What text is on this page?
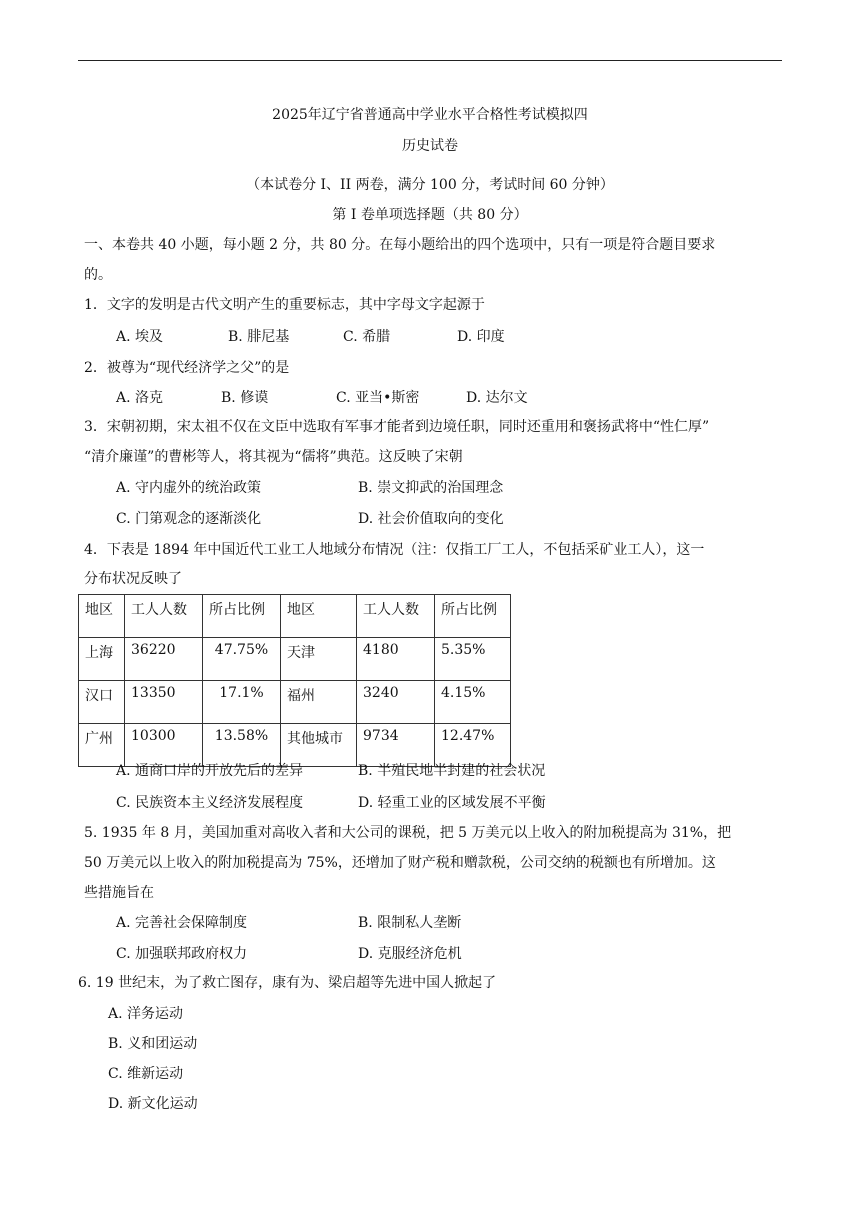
2025年辽宁省普通高中学业水平合格性考试模拟四
历史试卷
（本试卷分 I、II 两卷，满分 100 分，考试时间 60 分钟）
第 I 卷单项选择题（共 80 分）
一、本卷共 40 小题，每小题 2 分，共 80 分。在每小题给出的四个选项中，只有一项是符合题目要求
的。
1．文字的发明是古代文明产生的重要标志，其中字母文字起源于
A. 埃及	B. 腓尼基	C. 希腊	D. 印度
2．被尊为“现代经济学之父”的是
A. 洛克	B. 修谟	C. 亚当•斯密	D. 达尔文
3．宋朝初期，宋太祖不仅在文臣中选取有军事才能者到边境任职，同时还重用和褒扬武将中“性仁厚”
“清介廉谨”的曹彬等人，将其视为“儒将”典范。这反映了宋朝
A. 守内虚外的统治政策	B. 崇文抑武的治国理念
C. 门第观念的逐渐淡化	D. 社会价值取向的变化
4．下表是 1894 年中国近代工业工人地域分布情况（注：仅指工厂工人，不包括采矿业工人），这一
分布状况反映了
地区	工人人数	所占比例	地区	工人人数	所占比例
上海	36220	47.75%	天津	4180	5.35%
汉口	13350	17.1%	福州	3240	4.15%
广州	10300	13.58%	其他城市	9734	12.47%
A. 通商口岸的开放先后的差异	B. 半殖民地半封建的社会状况
C. 民族资本主义经济发展程度	D. 轻重工业的区域发展不平衡
5. 1935 年 8 月，美国加重对高收入者和大公司的课税，把 5 万美元以上收入的附加税提高为 31%，把
50 万美元以上收入的附加税提高为 75%，还增加了财产税和赠款税，公司交纳的税额也有所增加。这
些措施旨在
A. 完善社会保障制度	B. 限制私人垄断
C. 加强联邦政府权力	D. 克服经济危机
6. 19 世纪末，为了救亡图存，康有为、梁启超等先进中国人掀起了
A. 洋务运动
B. 义和团运动
C. 维新运动
D. 新文化运动
